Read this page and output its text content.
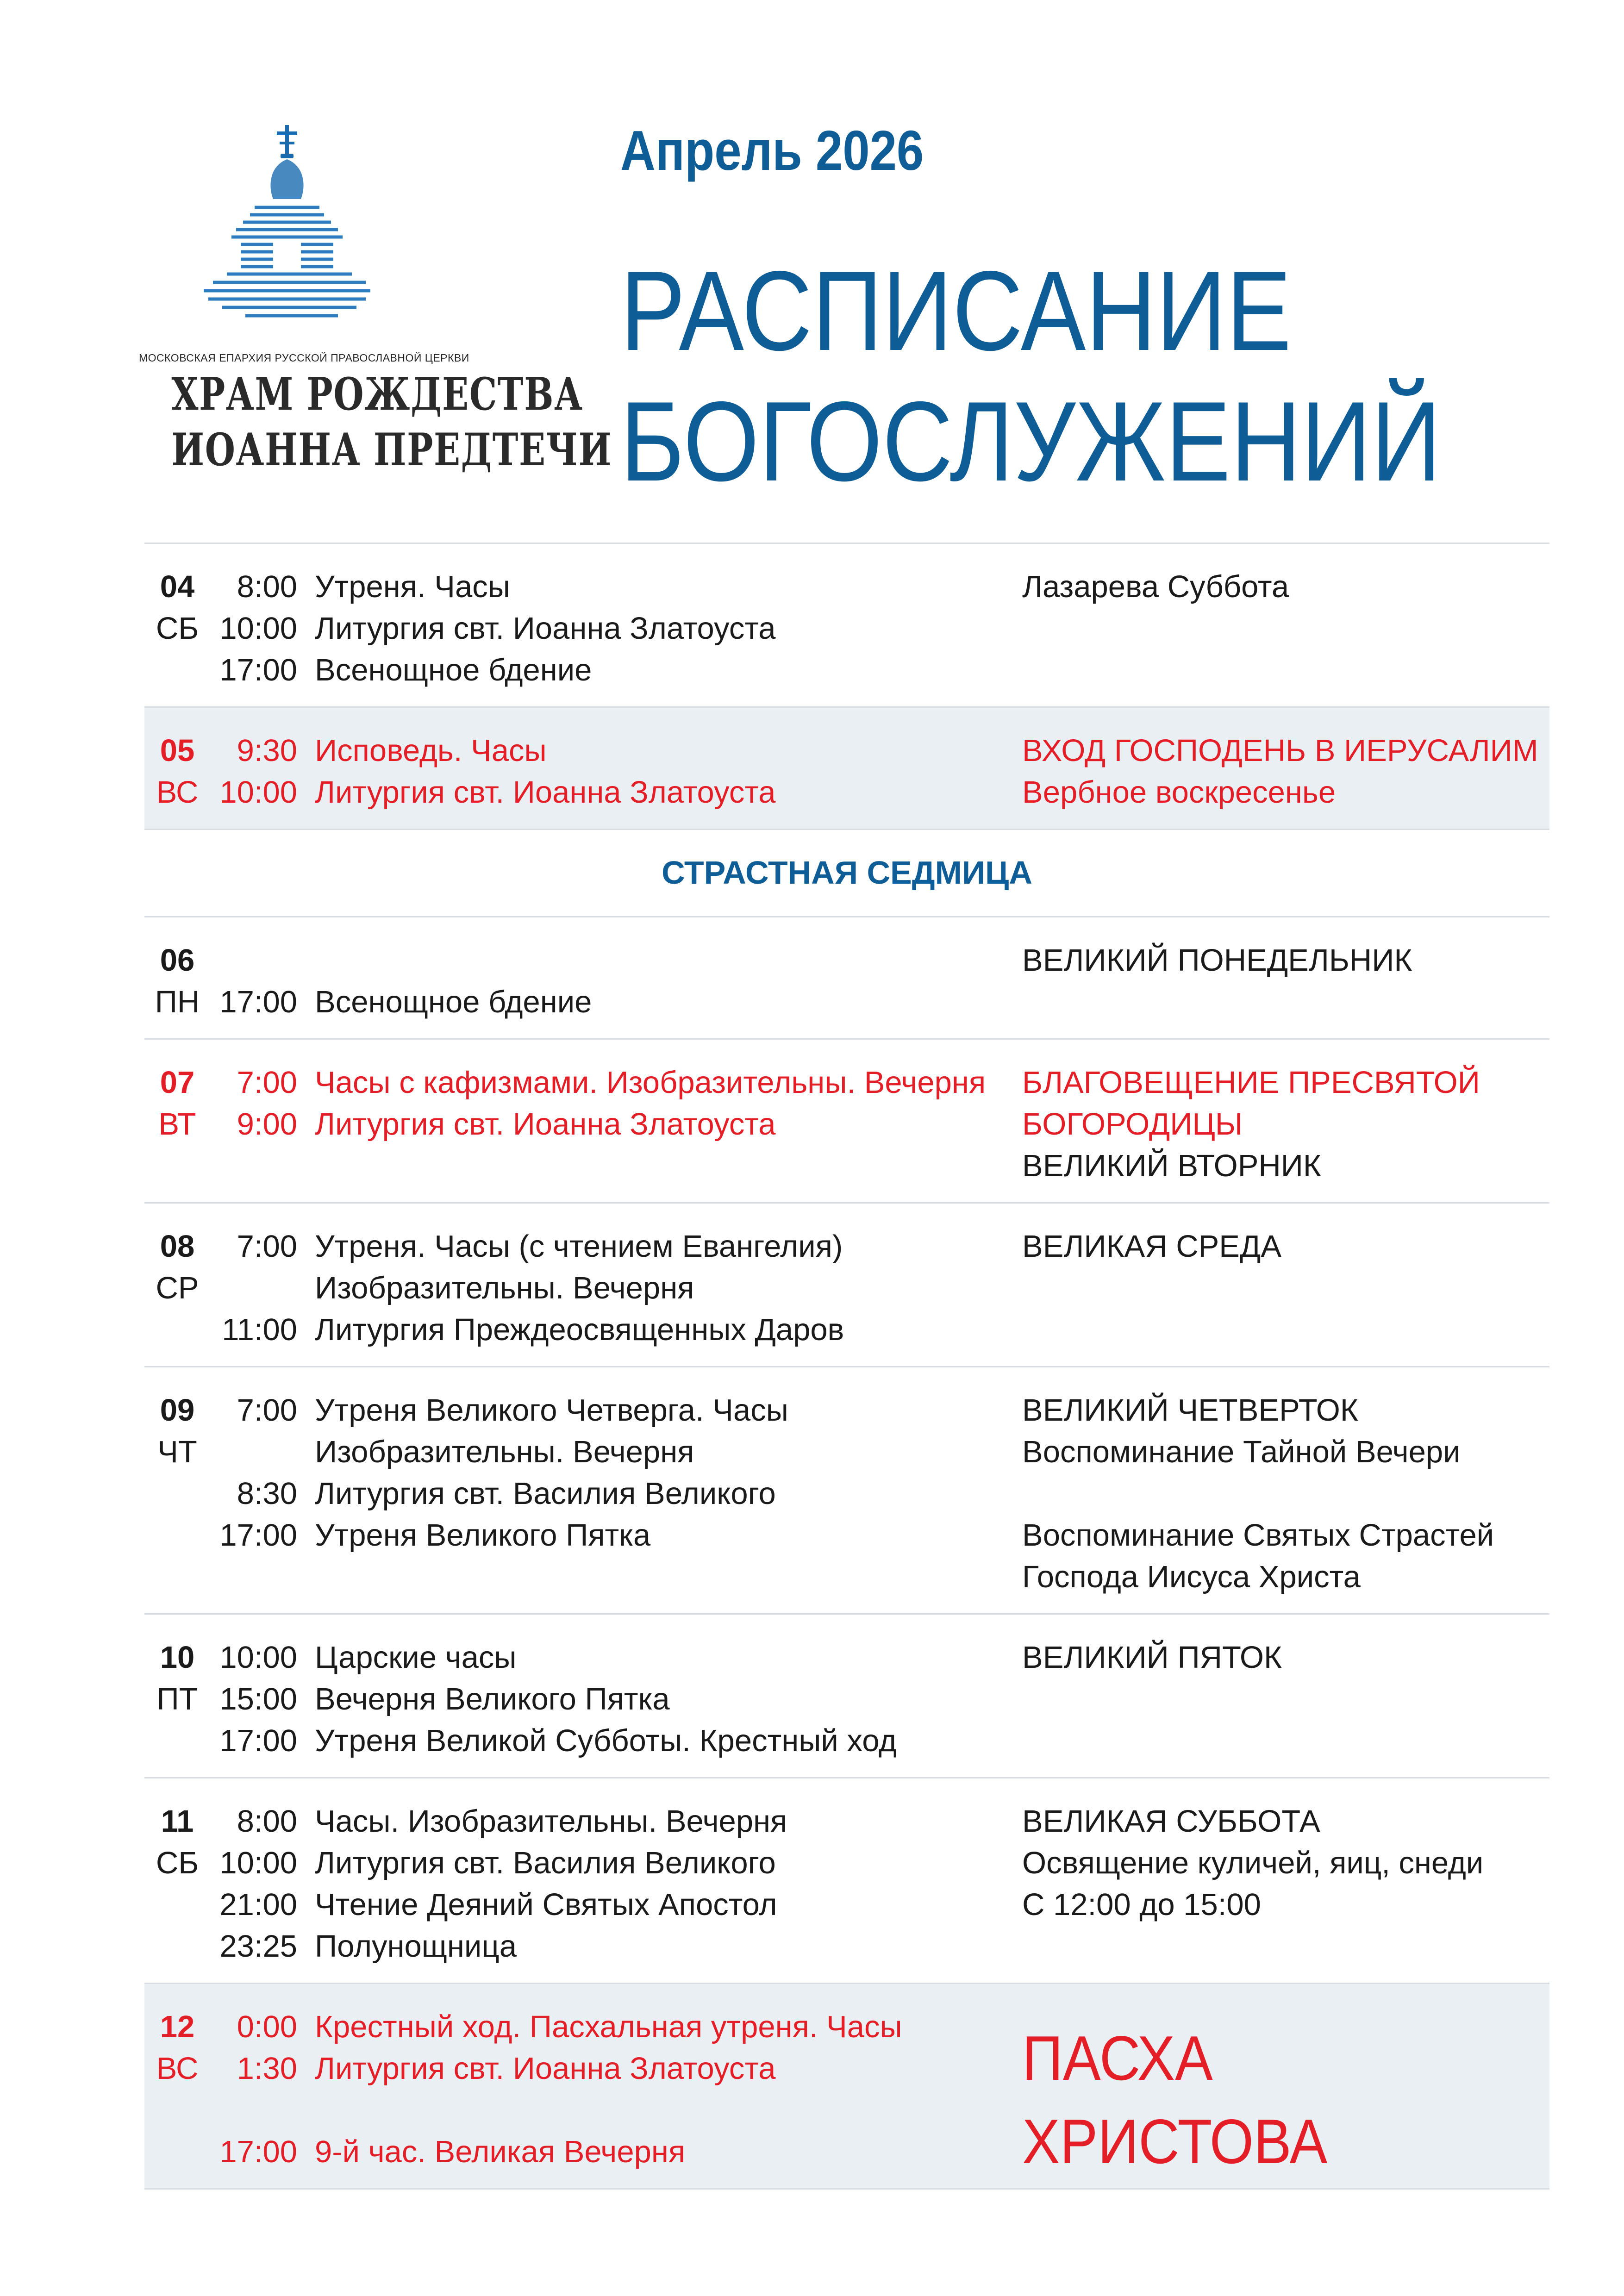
МОСКОВСКАЯ ЕПАРХИЯ РУССКОЙ ПРАВОСЛАВНОЙ ЦЕРКВИ
ХРАМ РОЖДЕСТВА
ИОАННА ПРЕДТЕЧИ
Апрель 2026
РАСПИСАНИЕ
БОГОСЛУЖЕНИЙ
04
СБ
8:00 Утреня. Часы
10:00 Литургия свт. Иоанна Златоуста
17:00 Всенощное бдение
Лазарева Суббота
05
ВС
9:30 Исповедь. Часы
10:00 Литургия свт. Иоанна Златоуста
ВХОД ГОСПОДЕНЬ В ИЕРУСАЛИМ
Вербное воскресенье
СТРАСТНАЯ СЕДМИЦА
06
ПН 17:00 Всенощное бдение
ВЕЛИКИЙ ПОНЕДЕЛЬНИК
07
ВТ
7:00 Часы с кафизмами. Изобразительны. Вечерня
9:00 Литургия свт. Иоанна Златоуста
БЛАГОВЕЩЕНИЕ ПРЕСВЯТОЙ
БОГОРОДИЦЫ
ВЕЛИКИЙ ВТОРНИК
08
СР
7:00 Утреня. Часы (с чтением Евангелия)
Изобразительны. Вечерня
11:00 Литургия Преждеосвященных Даров
ВЕЛИКАЯ СРЕДА
09
ЧТ
7:00 Утреня Великого Четверга. Часы
Изобразительны. Вечерня
8:30 Литургия свт. Василия Великого
17:00 Утреня Великого Пятка
ВЕЛИКИЙ ЧЕТВЕРТОК
Воспоминание Тайной Вечери
Воспоминание Святых Страстей
Господа Иисуса Христа
10
ПТ
10:00 Царские часы
15:00 Вечерня Великого Пятка
17:00 Утреня Великой Субботы. Крестный ход
ВЕЛИКИЙ ПЯТОК
11
СБ
8:00 Часы. Изобразительны. Вечерня
10:00 Литургия свт. Василия Великого
21:00 Чтение Деяний Святых Апостол
23:25 Полунощница
ВЕЛИКАЯ СУББОТА
Освящение куличей, яиц, снеди
С 12:00 до 15:00
12
ВС
0:00 Крестный ход. Пасхальная утреня. Часы
1:30 Литургия свт. Иоанна Златоуста
17:00 9-й час. Великая Вечерня
ПАСХА
ХРИСТОВА
